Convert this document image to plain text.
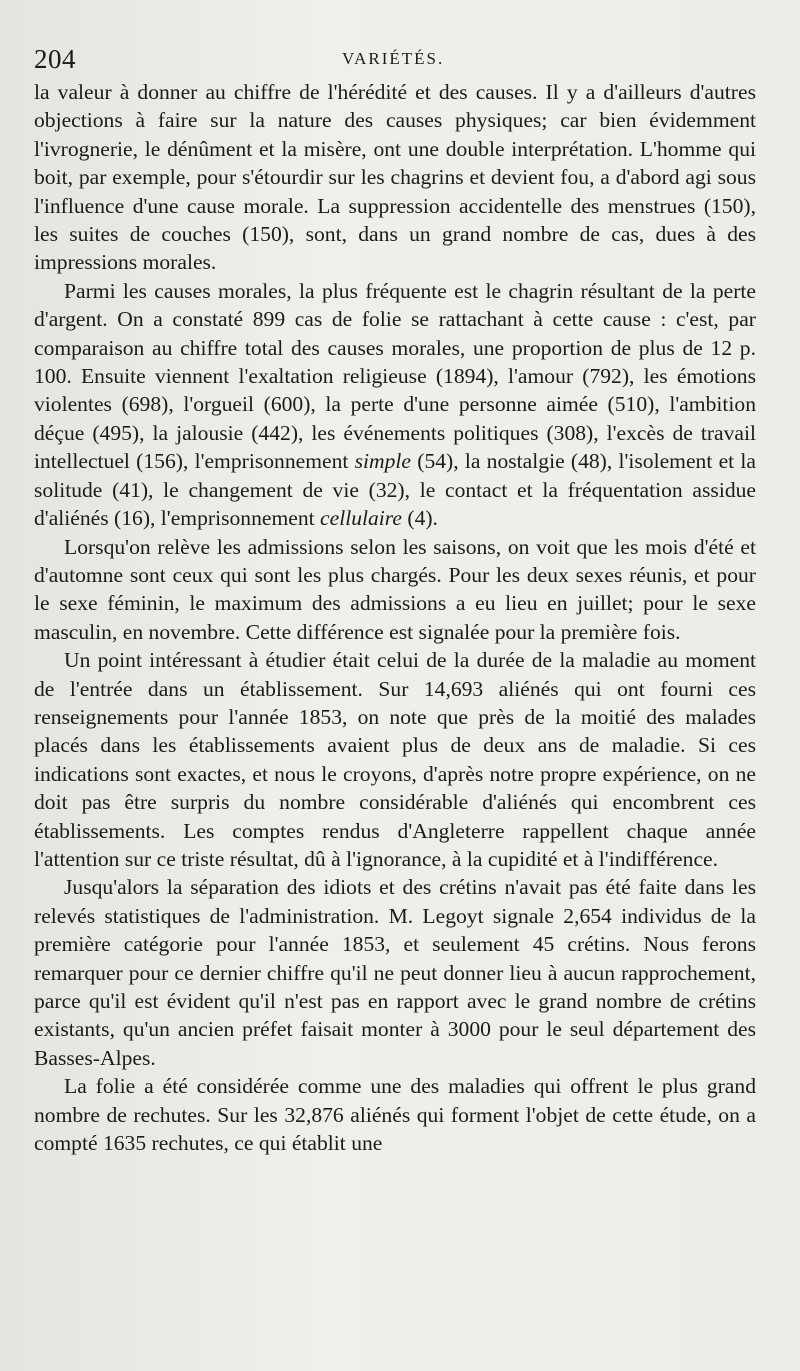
204	VARIÉTÉS.

la valeur à donner au chiffre de l'hérédité et des causes. Il y a d'ailleurs d'autres objections à faire sur la nature des causes physiques; car bien évidemment l'ivrognerie, le dénûment et la misère, ont une double interprétation. L'homme qui boit, par exemple, pour s'étourdir sur les chagrins et devient fou, a d'abord agi sous l'influence d'une cause morale. La suppression accidentelle des menstrues (150), les suites de couches (150), sont, dans un grand nombre de cas, dues à des impressions morales.

Parmi les causes morales, la plus fréquente est le chagrin résultant de la perte d'argent. On a constaté 899 cas de folie se rattachant à cette cause : c'est, par comparaison au chiffre total des causes morales, une proportion de plus de 12 p. 100. Ensuite viennent l'exaltation religieuse (1894), l'amour (792), les émotions violentes (698), l'orgueil (600), la perte d'une personne aimée (510), l'ambition déçue (495), la jalousie (442), les événements politiques (308), l'excès de travail intellectuel (156), l'emprisonnement simple (54), la nostalgie (48), l'isolement et la solitude (41), le changement de vie (32), le contact et la fréquentation assidue d'aliénés (16), l'emprisonnement cellulaire (4).

Lorsqu'on relève les admissions selon les saisons, on voit que les mois d'été et d'automne sont ceux qui sont les plus chargés. Pour les deux sexes réunis, et pour le sexe féminin, le maximum des admissions a eu lieu en juillet; pour le sexe masculin, en novembre. Cette différence est signalée pour la première fois.

Un point intéressant à étudier était celui de la durée de la maladie au moment de l'entrée dans un établissement. Sur 14,693 aliénés qui ont fourni ces renseignements pour l'année 1853, on note que près de la moitié des malades placés dans les établissements avaient plus de deux ans de maladie. Si ces indications sont exactes, et nous le croyons, d'après notre propre expérience, on ne doit pas être surpris du nombre considérable d'aliénés qui encombrent ces établissements. Les comptes rendus d'Angleterre rappellent chaque année l'attention sur ce triste résultat, dû à l'ignorance, à la cupidité et à l'indifférence.

Jusqu'alors la séparation des idiots et des crétins n'avait pas été faite dans les relevés statistiques de l'administration. M. Legoyt signale 2,654 individus de la première catégorie pour l'année 1853, et seulement 45 crétins. Nous ferons remarquer pour ce dernier chiffre qu'il ne peut donner lieu à aucun rapprochement, parce qu'il est évident qu'il n'est pas en rapport avec le grand nombre de crétins existants, qu'un ancien préfet faisait monter à 3000 pour le seul département des Basses-Alpes.

La folie a été considérée comme une des maladies qui offrent le plus grand nombre de rechutes. Sur les 32,876 aliénés qui forment l'objet de cette étude, on a compté 1635 rechutes, ce qui établit une
